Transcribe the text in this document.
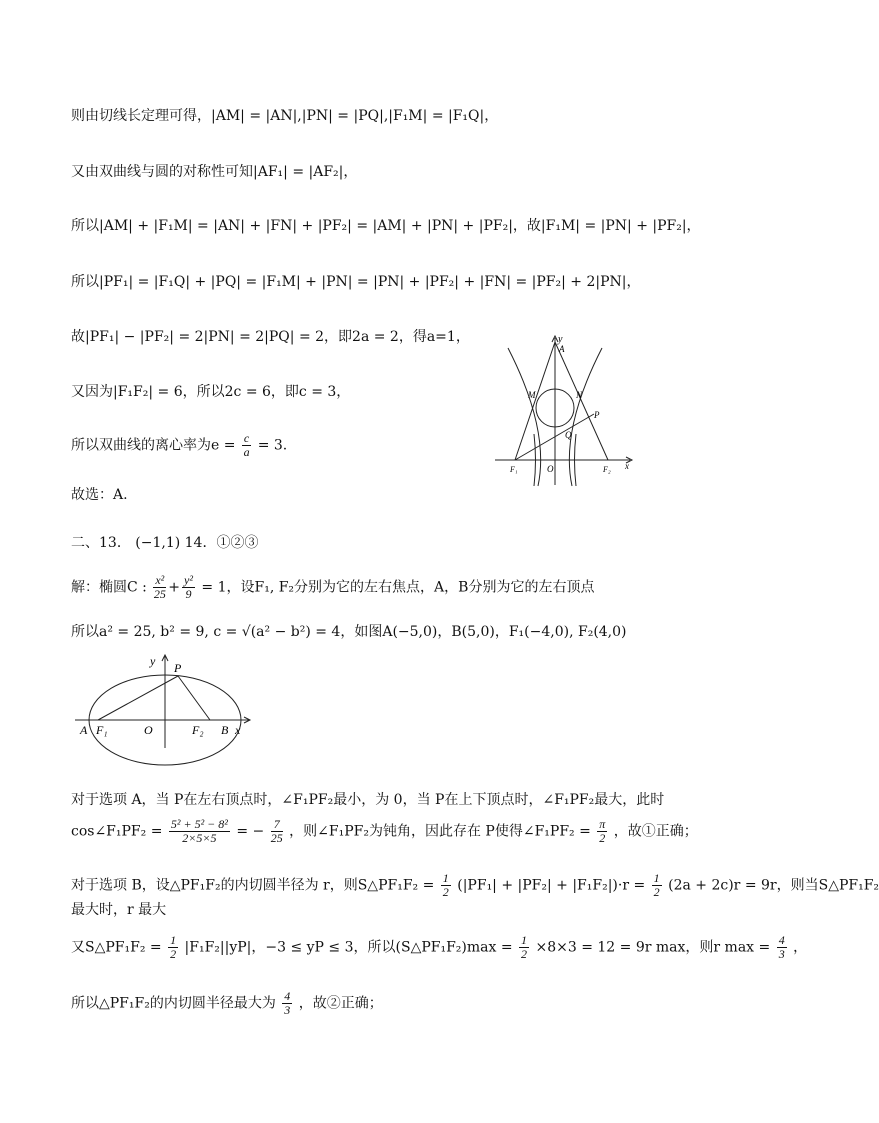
则由切线长定理可得，|AM| = |AN|,|PN| = |PQ|,|F₁M| = |F₁Q|，
又由双曲线与圆的对称性可知|AF₁| = |AF₂|，
所以|AM| + |F₁M| = |AN| + |FN| + |PF₂| = |AM| + |PN| + |PF₂|，故|F₁M| = |PN| + |PF₂|，
所以|PF₁| = |F₁Q| + |PQ| = |F₁M| + |PN| = |PN| + |PF₂| + |FN| = |PF₂| + 2|PN|，
故|PF₁| − |PF₂| = 2|PN| = 2|PQ| = 2，即2a = 2，得a=1，
又因为|F₁F₂| = 6，所以2c = 6，即c = 3，
所以双曲线的离心率为$e = \frac{c}{a} = 3$.
故选：A.
二、13． (−1,1) 14．①②③
解：椭圆C : $\frac{\text{x²}}{25} + \frac{\text{y²}}{9} = 1$，设F₁, F₂分别为它的左右焦点，A，B分别为它的左右顶点
所以a² = 25, b² = 9, c = √(a² − b²) = 4，如图A(−5,0)，B(5,0)，F₁(−4,0), F₂(4,0)
对于选项 A，当 P在左右顶点时，∠F₁PF₂最小，为 0，当 P在上下顶点时，∠F₁PF₂最大，此时
cos∠F₁PF₂ = $\frac{\text{5² + 5² − 8²}}{2\times 5\times 5}$ = − $\frac{7}{25}$ ，则∠F₁PF₂为钝角，因此存在 P使得∠F₁PF₂ = $\frac{\pi}{2}$ ，故①正确；
对于选项 B，设△PF₁F₂的内切圆半径为 r，则S△PF₁F₂ = $\frac{1}{2} (|PF_1| + |PF_2| + |F_1F_2|)\cdot r = \frac{1}{2} (2a + 2c)r = 9r$，则当S△PF₁F₂
最大时，r 最大
又S△PF₁F₂ = $\frac{1}{2} |F_1F_2||yP|$，−3 ≤ yP ≤ 3，所以(S△PF₁F₂)max = $\frac{1}{2} \times 8\times 3 = 12 = 9r$ max，则r $\max = \frac{4}{3}$ ，
所以△PF₁F₂的内切圆半径最大为 $\frac{4}{3}$ ，故②正确；
y
A
M	N
P
Q
F₁	O	F₂ x
y P
A F₁	O	F₂ B x
